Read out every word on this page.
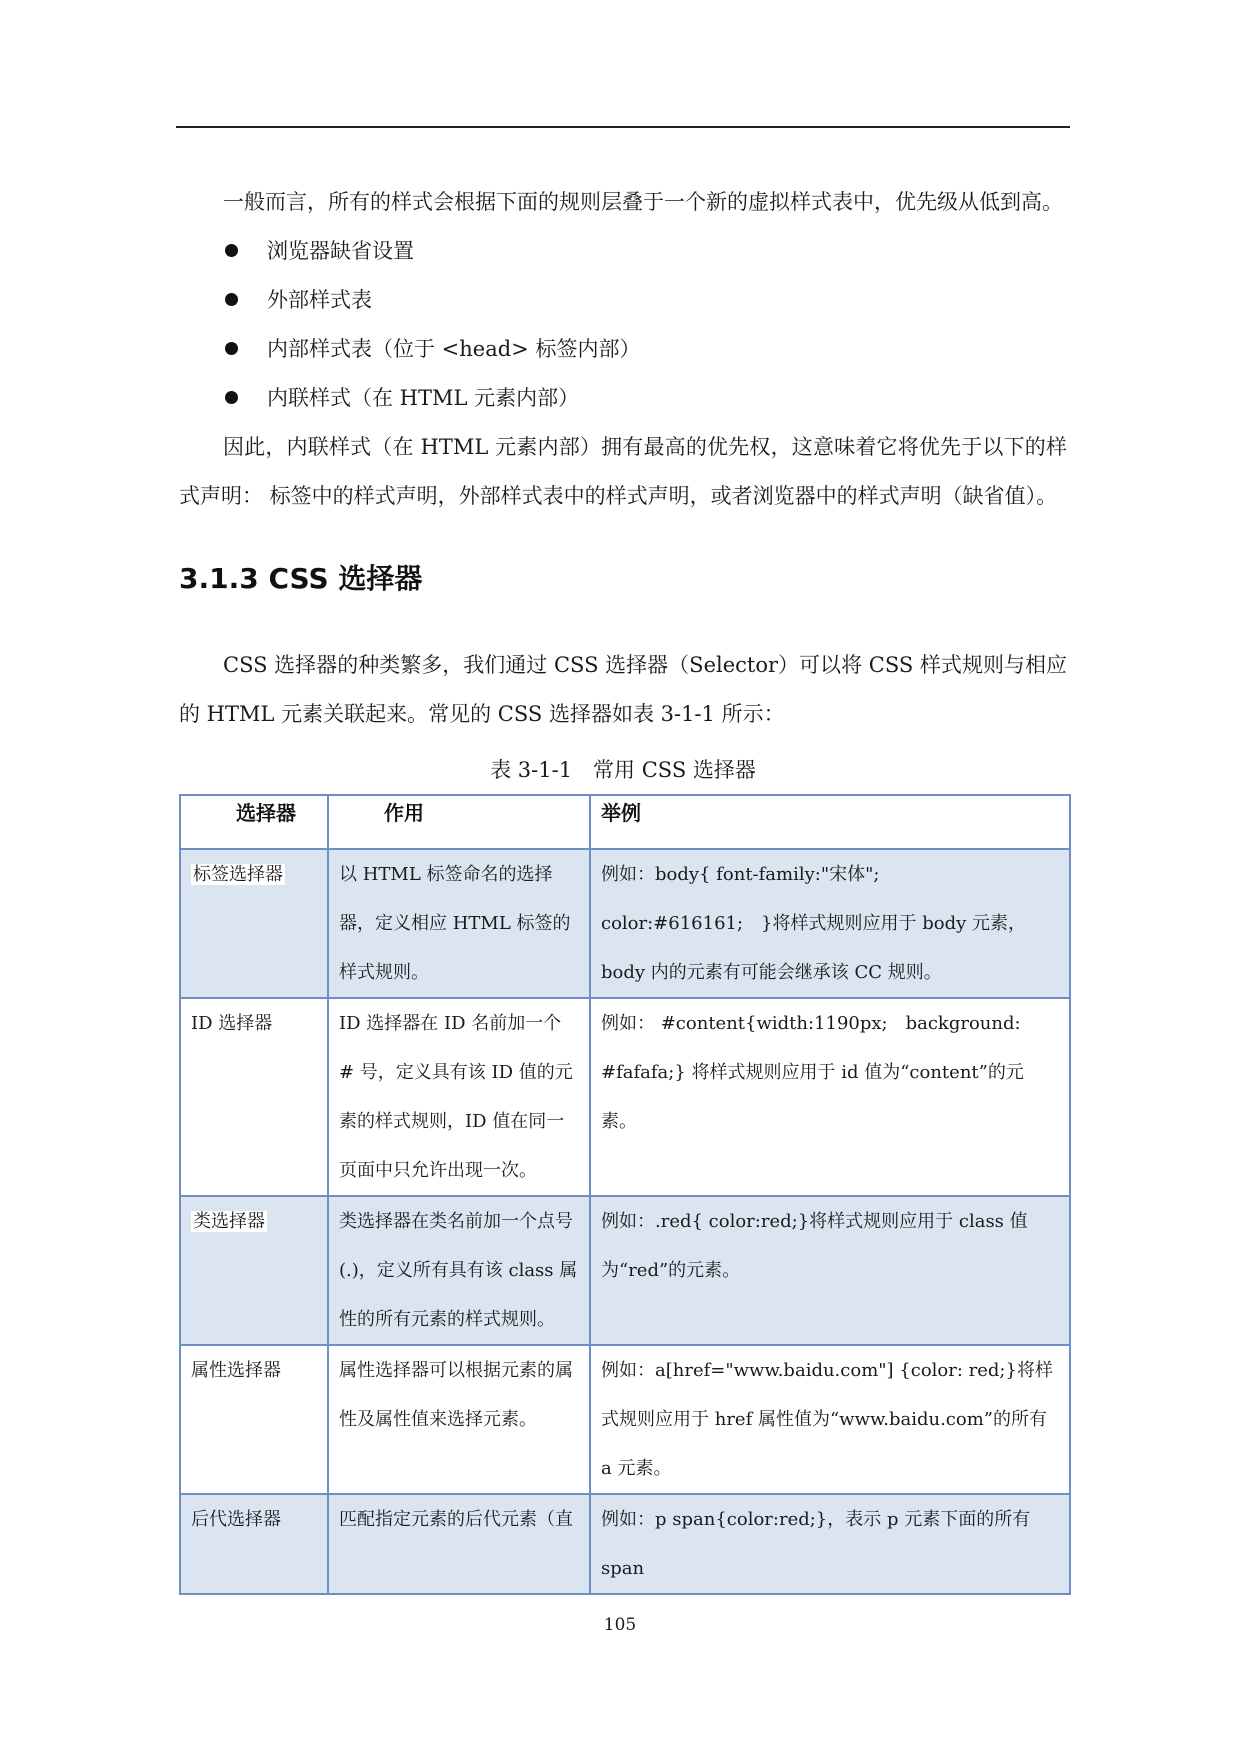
一般而言，所有的样式会根据下面的规则层叠于一个新的虚拟样式表中，优先级从低到高。

浏览器缺省设置
外部样式表
内部样式表（位于 <head> 标签内部）
内联样式（在 HTML 元素内部）

因此，内联样式（在 HTML 元素内部）拥有最高的优先权，这意味着它将优先于以下的样式声明： 标签中的样式声明，外部样式表中的样式声明，或者浏览器中的样式声明（缺省值）。

3.1.3 CSS 选择器

CSS 选择器的种类繁多，我们通过 CSS 选择器（Selector）可以将 CSS 样式规则与相应的 HTML 元素关联起来。常见的 CSS 选择器如表 3-1-1 所示：

表 3-1-1　常用 CSS 选择器
选择器	作用	举例
标签选择器	以 HTML 标签命名的选择器，定义相应 HTML 标签的样式规则。	例如：body{ font-family:"宋体";　color:#616161;　}将样式规则应用于 body 元素，body 内的元素有可能会继承该 CC 规则。
ID 选择器	ID 选择器在 ID 名前加一个 # 号，定义具有该 ID 值的元素的样式规则，ID 值在同一页面中只允许出现一次。	例如： #content{width:1190px;　background: #fafafa;} 将样式规则应用于 id 值为“content”的元素。
类选择器	类选择器在类名前加一个点号(.)，定义所有具有该 class 属性的所有元素的样式规则。	例如：.red{ color:red;}将样式规则应用于 class 值为“red”的元素。
属性选择器	属性选择器可以根据元素的属性及属性值来选择元素。	例如：a[href="www.baidu.com"] {color: red;}将样式规则应用于 href 属性值为“www.baidu.com”的所有 a 元素。
后代选择器	匹配指定元素的后代元素（直	例如：p span{color:red;}，表示 p 元素下面的所有 span
105
